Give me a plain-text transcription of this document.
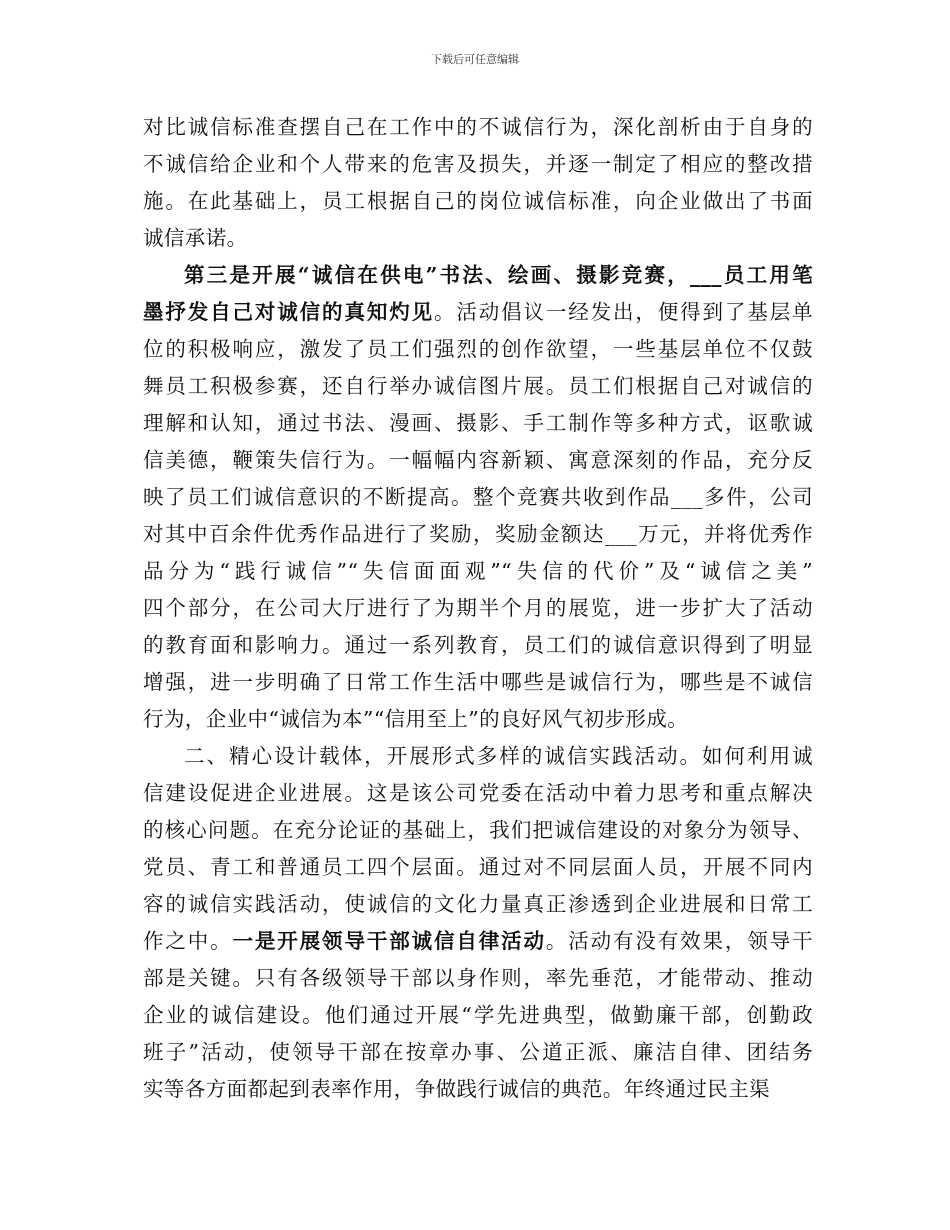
下载后可任意编辑
对比诚信标准查摆自己在工作中的不诚信行为，深化剖析由于自身的
不诚信给企业和个人带来的危害及损失，并逐一制定了相应的整改措
施。在此基础上，员工根据自己的岗位诚信标准，向企业做出了书面
诚信承诺。
第三是开展“诚信在供电”书法、绘画、摄影竞赛，___员工用笔
墨抒发自己对诚信的真知灼见。活动倡议一经发出，便得到了基层单
位的积极响应，激发了员工们强烈的创作欲望，一些基层单位不仅鼓
舞员工积极参赛，还自行举办诚信图片展。员工们根据自己对诚信的
理解和认知，通过书法、漫画、摄影、手工制作等多种方式，讴歌诚
信美德，鞭策失信行为。一幅幅内容新颖、寓意深刻的作品，充分反
映了员工们诚信意识的不断提高。整个竞赛共收到作品___多件，公司
对其中百余件优秀作品进行了奖励，奖励金额达___万元，并将优秀作
品分为“践行诚信”“失信面面观”“失信的代价”及“诚信之美”
四个部分，在公司大厅进行了为期半个月的展览，进一步扩大了活动
的教育面和影响力。通过一系列教育，员工们的诚信意识得到了明显
增强，进一步明确了日常工作生活中哪些是诚信行为，哪些是不诚信
行为，企业中“诚信为本”“信用至上”的良好风气初步形成。
二、精心设计载体，开展形式多样的诚信实践活动。如何利用诚
信建设促进企业进展。这是该公司党委在活动中着力思考和重点解决
的核心问题。在充分论证的基础上，我们把诚信建设的对象分为领导、
党员、青工和普通员工四个层面。通过对不同层面人员，开展不同内
容的诚信实践活动，使诚信的文化力量真正渗透到企业进展和日常工
作之中。一是开展领导干部诚信自律活动。活动有没有效果，领导干
部是关键。只有各级领导干部以身作则，率先垂范，才能带动、推动
企业的诚信建设。他们通过开展“学先进典型，做勤廉干部，创勤政
班子”活动，使领导干部在按章办事、公道正派、廉洁自律、团结务
实等各方面都起到表率作用，争做践行诚信的典范。年终通过民主渠
